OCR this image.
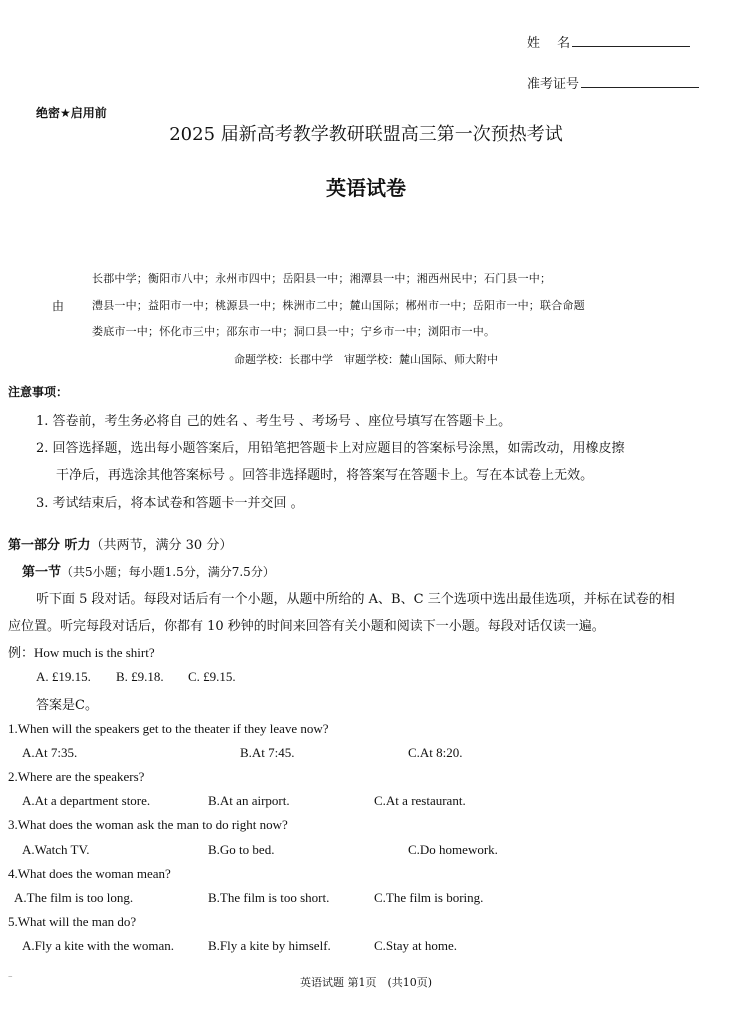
姓　 名
准考证号
绝密★启用前
2025 届新高考教学教研联盟高三第一次预热考试
英语试卷
长郡中学；衡阳市八中；永州市四中；岳阳县一中；湘潭县一中；湘西州民中；石门县一中；
由	澧县一中；益阳市一中；桃源县一中；株洲市二中；麓山国际；郴州市一中；岳阳市一中；联合命题
娄底市一中；怀化市三中；邵东市一中；洞口县一中；宁乡市一中；浏阳市一中。
命题学校：长郡中学　审题学校：麓山国际、师大附中
注意事项：
1. 答卷前，考生务必将自 己的姓名 、考生号 、考场号 、座位号填写在答题卡上。
2. 回答选择题，选出每小题答案后，用铅笔把答题卡上对应题目的答案标号涂黑，如需改动，用橡皮擦
干净后，再选涂其他答案标号 。回答非选择题时，将答案写在答题卡上。写在本试卷上无效。
3. 考试结束后，将本试卷和答题卡一并交回 。
第一部分 听力（共两节，满分 30 分）
第一节（共5小题；每小题1.5分，满分7.5分）
听下面 5 段对话。每段对话后有一个小题，从题中所给的 A、B、C 三个选项中选出最佳选项，并标在试卷的相
应位置。听完每段对话后，你都有 10 秒钟的时间来回答有关小题和阅读下一小题。每段对话仅读一遍。
例：How much is the shirt?
A. £19.15. B. £9.18. C. £9.15.
答案是C。
1.When will the speakers get to the theater if they leave now?
A.At 7:35.	B.At 7:45.	C.At 8:20.
2.Where are the speakers?
A.At a department store.	B.At an airport.	C.At a restaurant.
3.What does the woman ask the man to do right now?
A.Watch TV.	B.Go to bed.	C.Do homework.
4.What does the woman mean?
A.The film is too long.	B.The film is too short.	C.The film is boring.
5.What will the man do?
A.Fly a kite with the woman.	B.Fly a kite by himself.	C.Stay at home.
–	英语试题 第1页　(共10页)
